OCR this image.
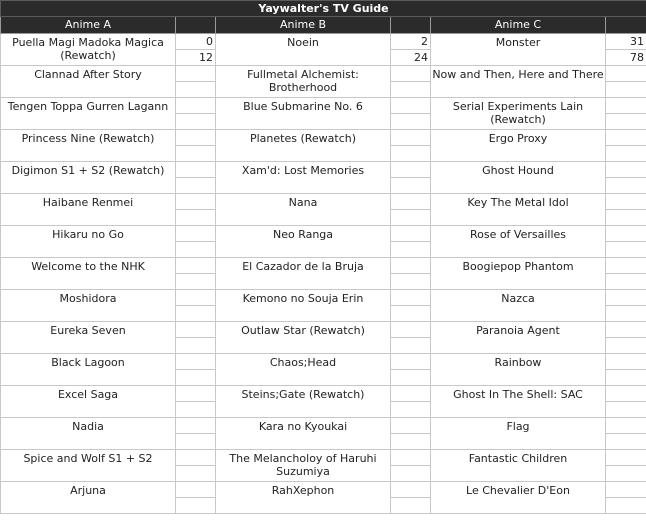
Yaywalter's TV Guide					
Anime A		Anime B		Anime C	
Puella Magi Madoka Magica (Rewatch)	0	Noein	2	Monster	31
	12		24		78
Clannad After Story		Fullmetal Alchemist: Brotherhood		Now and Then, Here and There	

Tengen Toppa Gurren Lagann		Blue Submarine No. 6		Serial Experiments Lain (Rewatch)	

Princess Nine (Rewatch)		Planetes (Rewatch)		Ergo Proxy	

Digimon S1 + S2 (Rewatch)		Xam'd: Lost Memories		Ghost Hound	

Haibane Renmei		Nana		Key The Metal Idol	

Hikaru no Go		Neo Ranga		Rose of Versailles	

Welcome to the NHK		El Cazador de la Bruja		Boogiepop Phantom	

Moshidora		Kemono no Souja Erin		Nazca	

Eureka Seven		Outlaw Star (Rewatch)		Paranoia Agent	

Black Lagoon		Chaos;Head		Rainbow	

Excel Saga		Steins;Gate (Rewatch)		Ghost In The Shell: SAC	

Nadia		Kara no Kyoukai		Flag	

Spice and Wolf S1 + S2		The Melancholoy of Haruhi Suzumiya		Fantastic Children	

Arjuna		RahXephon		Le Chevalier D'Eon	
